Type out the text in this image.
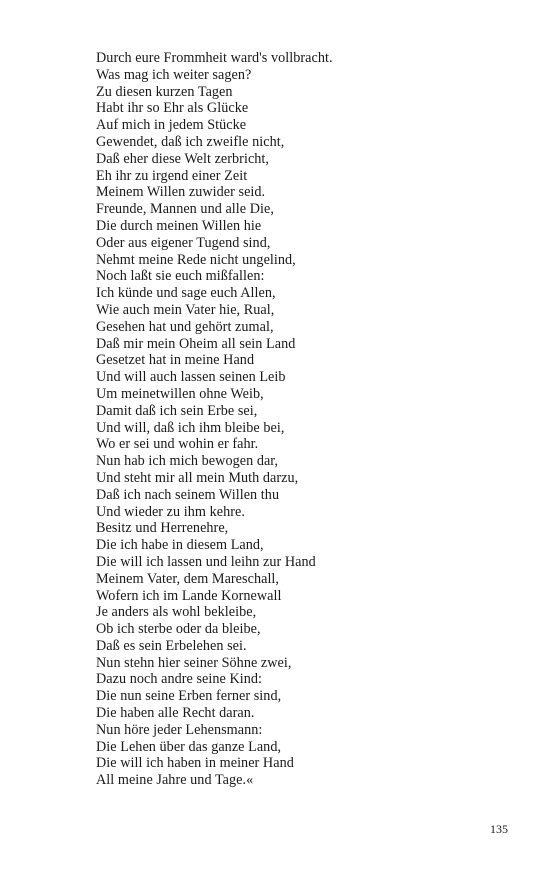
Durch eure Frommheit ward's vollbracht.
Was mag ich weiter sagen?
Zu diesen kurzen Tagen
Habt ihr so Ehr als Glücke
Auf mich in jedem Stücke
Gewendet, daß ich zweifle nicht,
Daß eher diese Welt zerbricht,
Eh ihr zu irgend einer Zeit
Meinem Willen zuwider seid.
Freunde, Mannen und alle Die,
Die durch meinen Willen hie
Oder aus eigener Tugend sind,
Nehmt meine Rede nicht ungelind,
Noch laßt sie euch mißfallen:
Ich künde und sage euch Allen,
Wie auch mein Vater hie, Rual,
Gesehen hat und gehört zumal,
Daß mir mein Oheim all sein Land
Gesetzet hat in meine Hand
Und will auch lassen seinen Leib
Um meinetwillen ohne Weib,
Damit daß ich sein Erbe sei,
Und will, daß ich ihm bleibe bei,
Wo er sei und wohin er fahr.
Nun hab ich mich bewogen dar,
Und steht mir all mein Muth darzu,
Daß ich nach seinem Willen thu
Und wieder zu ihm kehre.
Besitz und Herrenehre,
Die ich habe in diesem Land,
Die will ich lassen und leihn zur Hand
Meinem Vater, dem Mareschall,
Wofern ich im Lande Kornewall
Je anders als wohl bekleibe,
Ob ich sterbe oder da bleibe,
Daß es sein Erbelehen sei.
Nun stehn hier seiner Söhne zwei,
Dazu noch andre seine Kind:
Die nun seine Erben ferner sind,
Die haben alle Recht daran.
Nun höre jeder Lehensmann:
Die Lehen über das ganze Land,
Die will ich haben in meiner Hand
All meine Jahre und Tage.«
135
